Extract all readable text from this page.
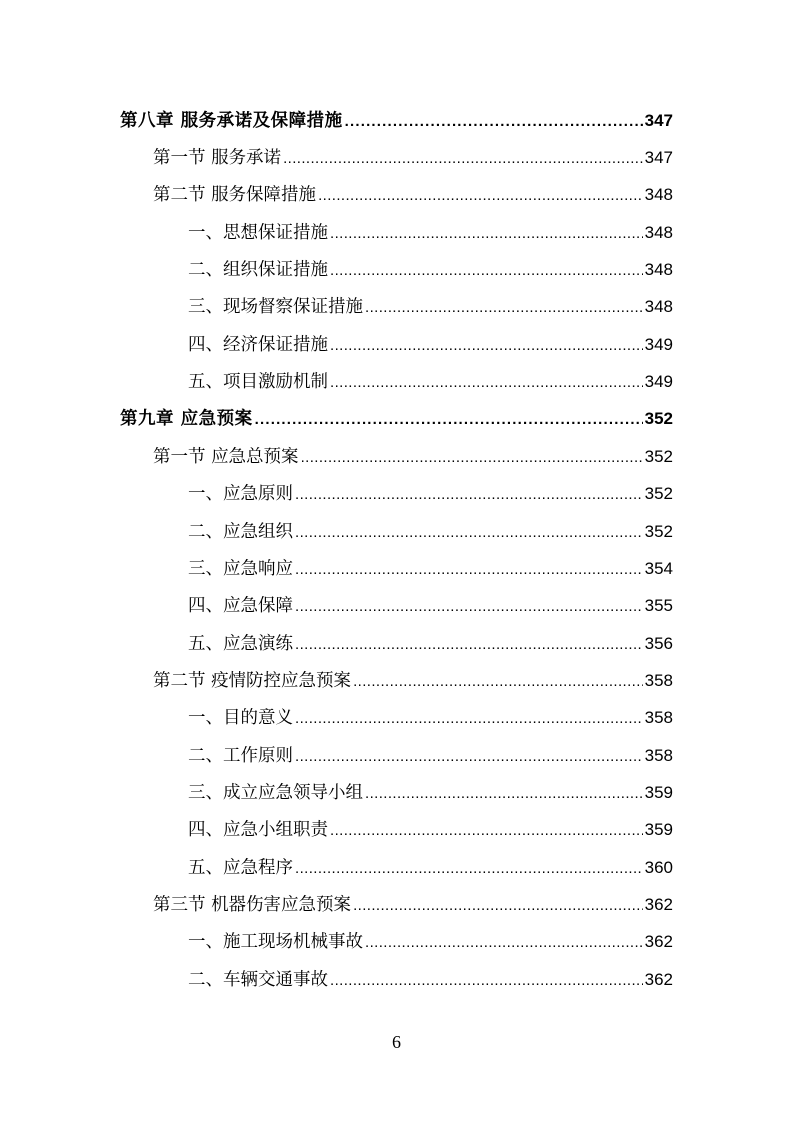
第八章 服务承诺及保障措施 .....	347
第一节 服务承诺 .....	347
第二节 服务保障措施 .....	348
一、思想保证措施 .....	348
二、组织保证措施 .....	348
三、现场督察保证措施 .....	348
四、经济保证措施 .....	349
五、项目激励机制 .....	349
第九章 应急预案 .....	352
第一节 应急总预案 .....	352
一、应急原则 .....	352
二、应急组织 .....	352
三、应急响应 .....	354
四、应急保障 .....	355
五、应急演练 .....	356
第二节 疫情防控应急预案 .....	358
一、目的意义 .....	358
二、工作原则 .....	358
三、成立应急领导小组 .....	359
四、应急小组职责 .....	359
五、应急程序 .....	360
第三节 机器伤害应急预案 .....	362
一、施工现场机械事故 .....	362
二、车辆交通事故 .....	362
6
